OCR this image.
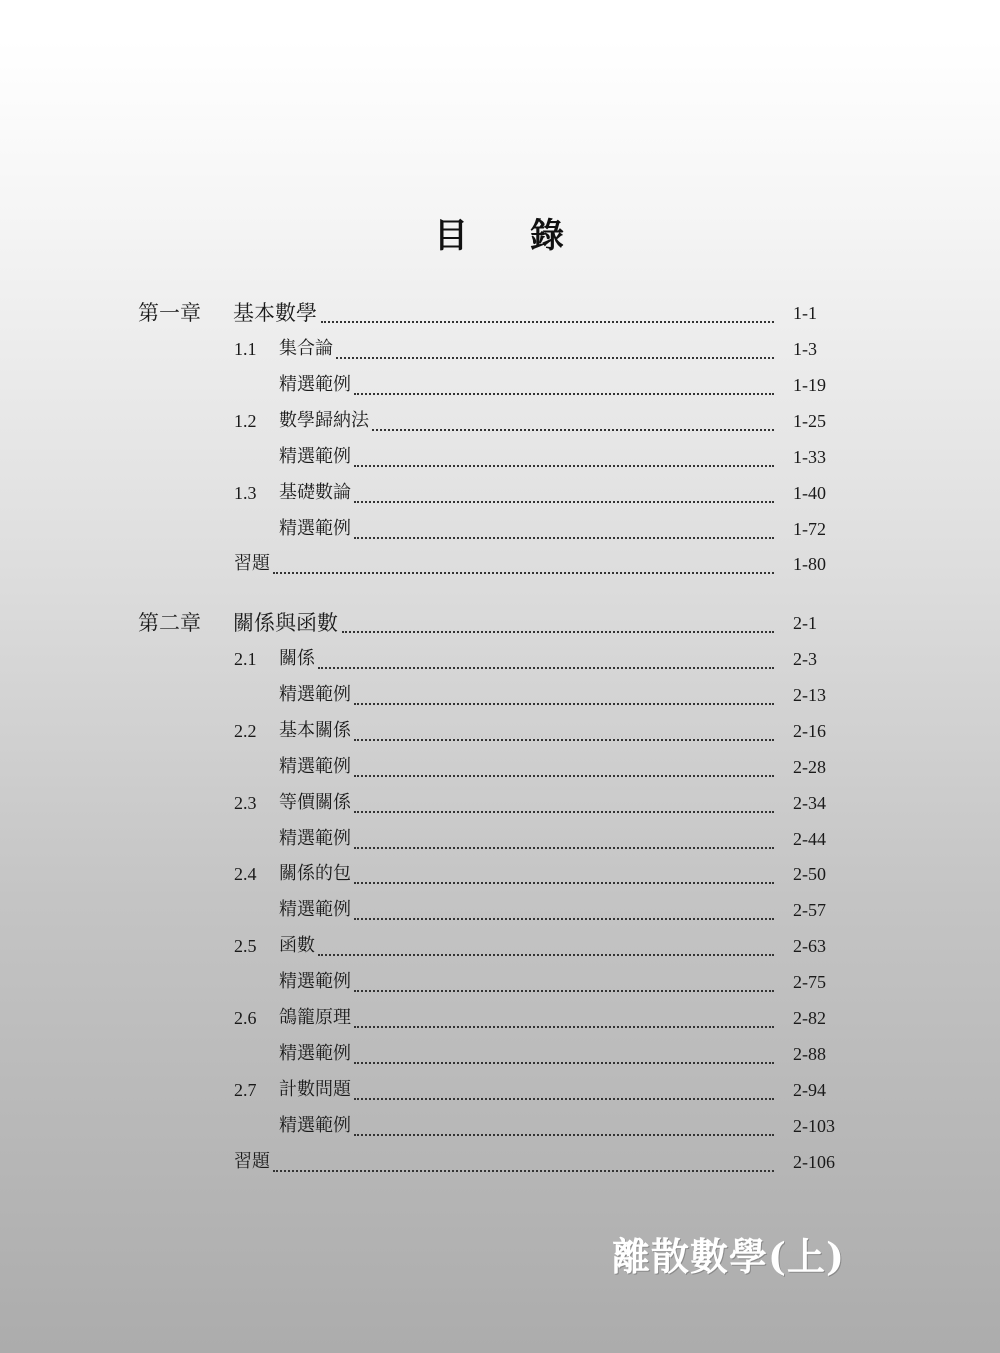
目 錄
第一章 基本數學	1-1
1.1 集合論	1-3
精選範例	1-19
1.2 數學歸納法	1-25
精選範例	1-33
1.3 基礎數論	1-40
精選範例	1-72
習題	1-80
第二章 關係與函數	2-1
2.1 關係	2-3
精選範例	2-13
2.2 基本關係	2-16
精選範例	2-28
2.3 等價關係	2-34
精選範例	2-44
2.4 關係的包	2-50
精選範例	2-57
2.5 函數	2-63
精選範例	2-75
2.6 鴿籠原理	2-82
精選範例	2-88
2.7 計數問題	2-94
精選範例	2-103
習題	2-106
離散數學(上)
